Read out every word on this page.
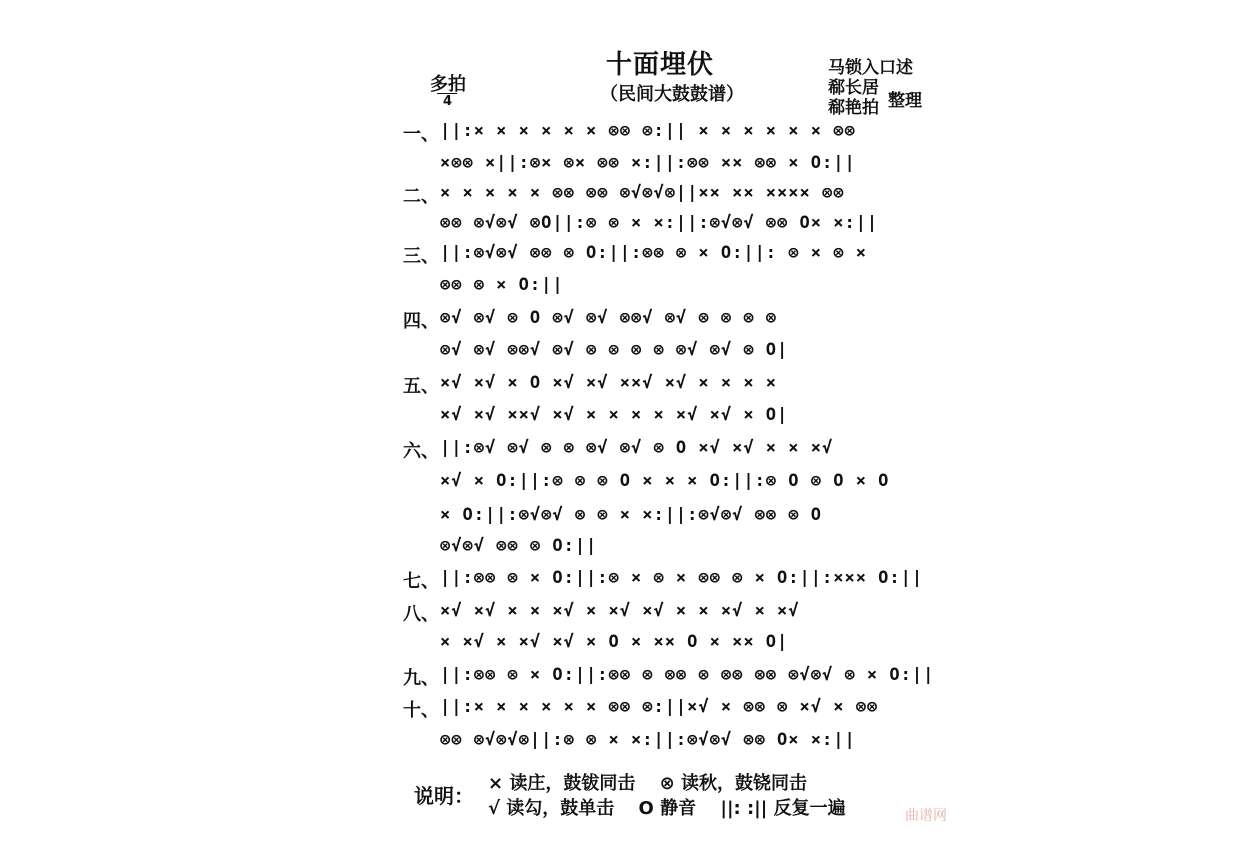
十面埋伏
（民间大鼓鼓谱）
多拍
4
马锁入口述
郗长居
郗艳拍 整理
一、
二、
三、
四、
五、
六、
七、
八、
九、
十、
||:× × × × × × ⊗⊗ ⊗:|| × × × × × × ⊗⊗
×⊗⊗ ×||:⊗× ⊗× ⊗⊗ ×:||:⊗⊗ ×× ⊗⊗ × O:||
× × × × × ⊗⊗ ⊗⊗ ⊗√⊗√⊗||×× ×× ×××× ⊗⊗
⊗⊗ ⊗√⊗√ ⊗O||:⊗ ⊗ × ×:||:⊗√⊗√ ⊗⊗ O× ×:||
||:⊗√⊗√ ⊗⊗ ⊗ O:||:⊗⊗ ⊗ × O:||: ⊗ × ⊗ ×
⊗⊗ ⊗ × O:||
⊗√ ⊗√ ⊗ O ⊗√ ⊗√ ⊗⊗√ ⊗√ ⊗ ⊗ ⊗ ⊗
⊗√ ⊗√ ⊗⊗√ ⊗√ ⊗ ⊗ ⊗ ⊗ ⊗√ ⊗√ ⊗ O|
×√ ×√ × O ×√ ×√ ××√ ×√ × × × ×
×√ ×√ ××√ ×√ × × × × ×√ ×√ × O|
||:⊗√ ⊗√ ⊗ ⊗ ⊗√ ⊗√ ⊗ O ×√ ×√ × × ×√
×√ × O:||:⊗ ⊗ ⊗ O × × × O:||:⊗ O ⊗ O × O
× O:||:⊗√⊗√ ⊗ ⊗ × ×:||:⊗√⊗√ ⊗⊗ ⊗ O
⊗√⊗√ ⊗⊗ ⊗ O:||
||:⊗⊗ ⊗ × O:||:⊗ × ⊗ × ⊗⊗ ⊗ × O:||:××× O:||
×√ ×√ × × ×√ × ×√ ×√ × × ×√ × ×√
× ×√ × ×√ ×√ × O × ×× O × ×× O|
||:⊗⊗ ⊗ × O:||:⊗⊗ ⊗ ⊗⊗ ⊗ ⊗⊗ ⊗⊗ ⊗√⊗√ ⊗ × O:||
||:× × × × × × ⊗⊗ ⊗:||×√ × ⊗⊗ ⊗ ×√ × ⊗⊗
⊗⊗ ⊗√⊗√⊗||:⊗ ⊗ × ×:||:⊗√⊗√ ⊗⊗ O× ×:||
说明：
× 读庄，鼓钹同击　 ⊗ 读秋，鼓铙同击
√ 读勾，鼓单击　 O 静音　 ||: :|| 反复一遍	曲谱网
